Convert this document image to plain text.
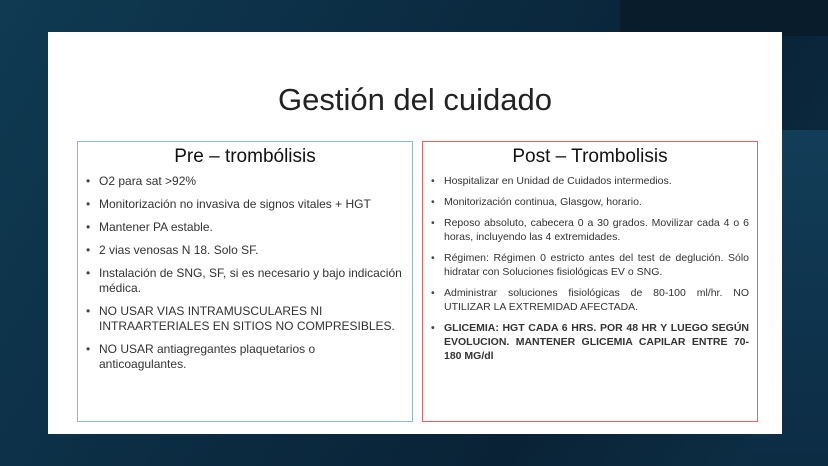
Gestión del cuidado
Pre – trombólisis
• O2 para sat >92%
• Monitorización no invasiva de signos vitales + HGT
• Mantener PA estable.
• 2 vias venosas N 18. Solo SF.
• Instalación de SNG, SF, si es necesario y bajo indicación médica.
• NO USAR VIAS INTRAMUSCULARES NI INTRAARTERIALES EN SITIOS NO COMPRESIBLES.
• NO USAR antiagregantes plaquetarios o anticoagulantes.
Post – Trombolisis
• Hospitalizar en Unidad de Cuidados intermedios.
• Monitorización continua, Glasgow, horario.
• Reposo absoluto, cabecera 0 a 30 grados. Movilizar cada 4 o 6 horas, incluyendo las 4 extremidades.
• Régimen: Régimen 0 estricto antes del test de deglución. Sólo hidratar con Soluciones fisiológicas EV o SNG.
• Administrar soluciones fisiológicas de 80-100 ml/hr. NO UTILIZAR LA EXTREMIDAD AFECTADA.
• GLICEMIA: HGT CADA 6 HRS. POR 48 HR Y LUEGO SEGÚN EVOLUCION. MANTENER GLICEMIA CAPILAR ENTRE 70-180 MG/dl
